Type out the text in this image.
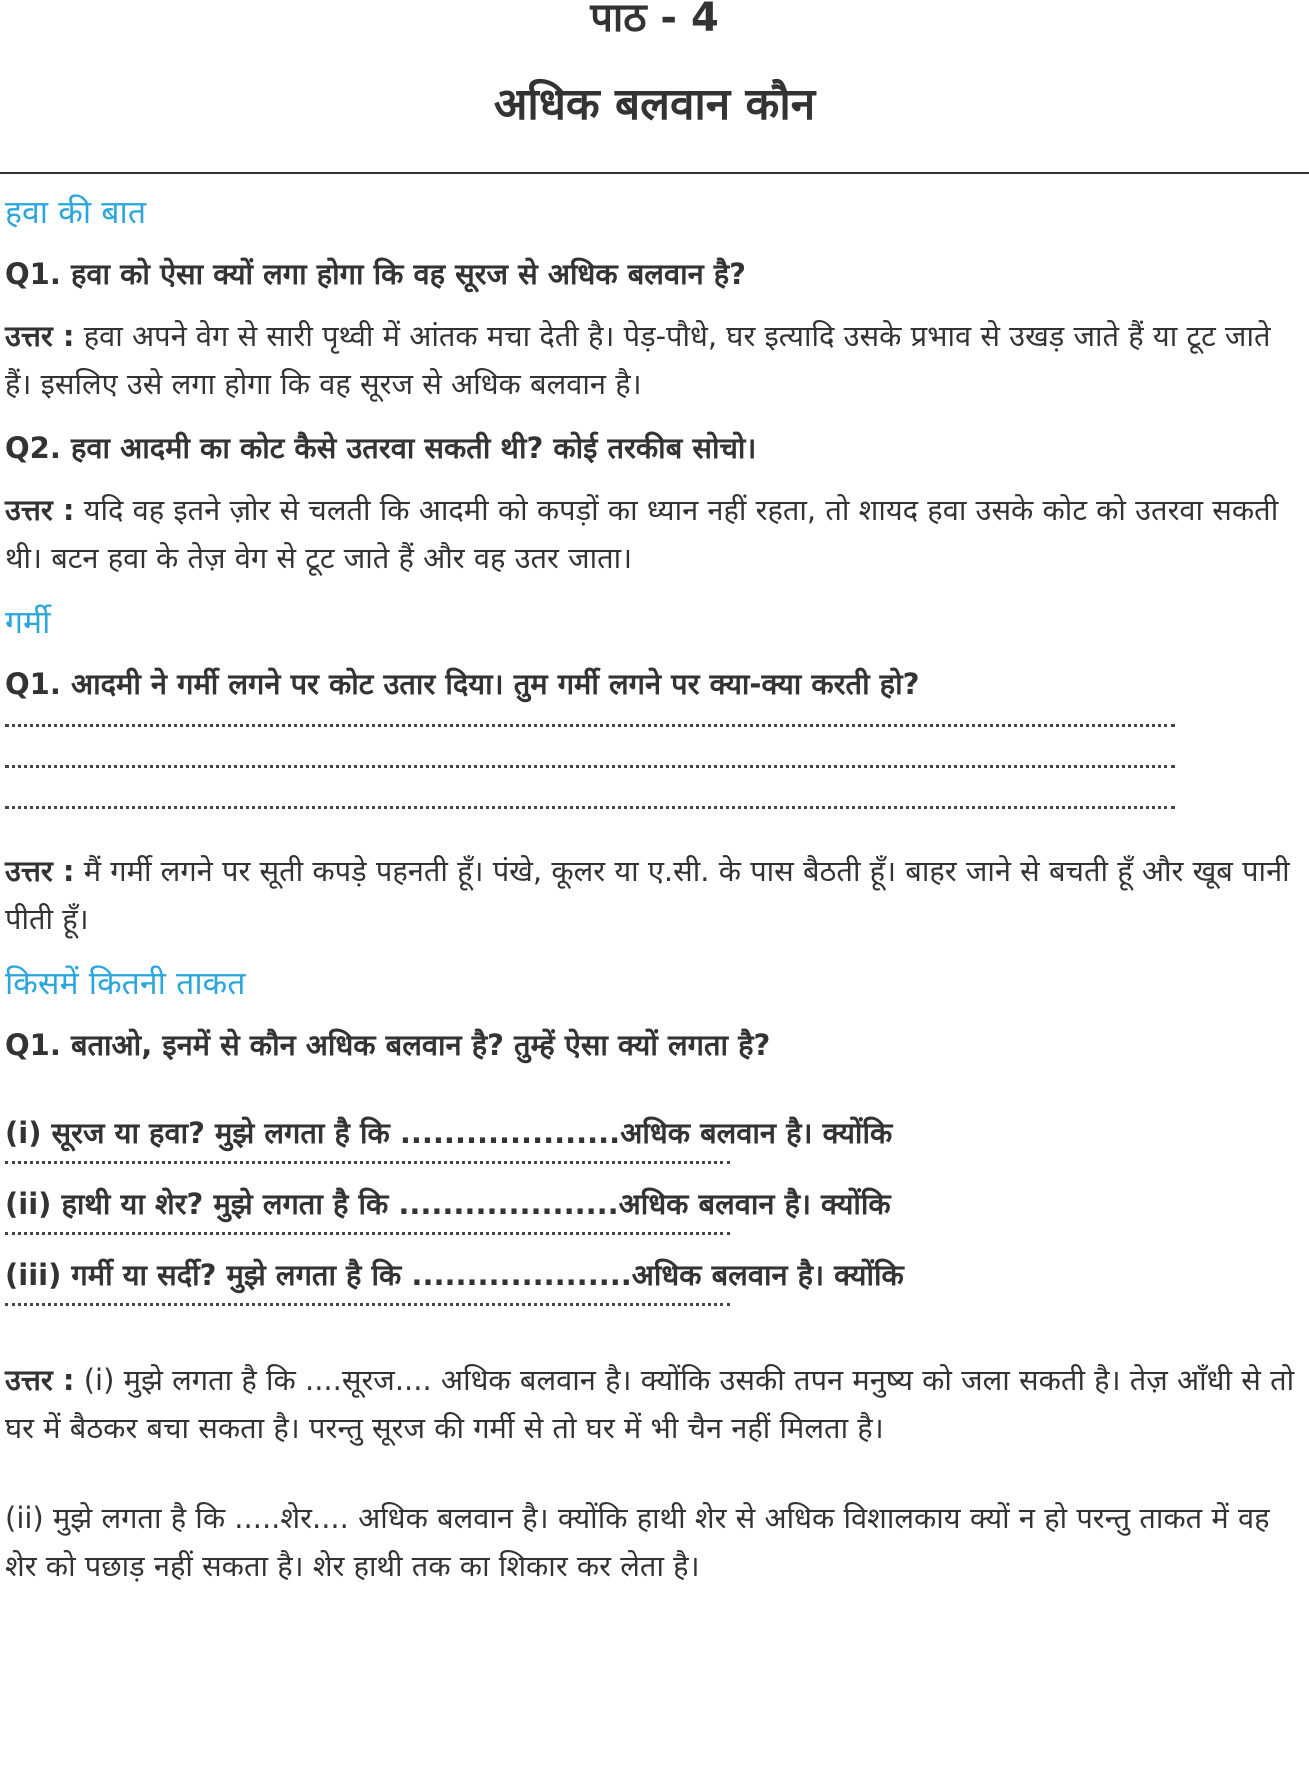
पाठ - 4
अधिक बलवान कौन
हवा की बात

Q1. हवा को ऐसा क्यों लगा होगा कि वह सूरज से अधिक बलवान है?

उत्तर : हवा अपने वेग से सारी पृथ्वी में आंतक मचा देती है। पेड़-पौधे, घर इत्यादि उसके प्रभाव से उखड़ जाते हैं या टूट जाते हैं। इसलिए उसे लगा होगा कि वह सूरज से अधिक बलवान है।

Q2. हवा आदमी का कोट कैसे उतरवा सकती थी? कोई तरकीब सोचो।

उत्तर : यदि वह इतने ज़ोर से चलती कि आदमी को कपड़ों का ध्यान नहीं रहता, तो शायद हवा उसके कोट को उतरवा सकती थी। बटन हवा के तेज़ वेग से टूट जाते हैं और वह उतर जाता।

गर्मी

Q1. आदमी ने गर्मी लगने पर कोट उतार दिया। तुम गर्मी लगने पर क्या-क्या करती हो?

उत्तर : मैं गर्मी लगने पर सूती कपड़े पहनती हूँ। पंखे, कूलर या ए.सी. के पास बैठती हूँ। बाहर जाने से बचती हूँ और खूब पानी पीती हूँ।

किसमें कितनी ताकत

Q1. बताओ, इनमें से कौन अधिक बलवान है? तुम्हें ऐसा क्यों लगता है?

(i) सूरज या हवा? मुझे लगता है कि ....................अधिक बलवान है। क्योंकि

(ii) हाथी या शेर? मुझे लगता है कि ....................अधिक बलवान है। क्योंकि

(iii) गर्मी या सर्दी? मुझे लगता है कि ....................अधिक बलवान है। क्योंकि

उत्तर : (i) मुझे लगता है कि ....सूरज.... अधिक बलवान है। क्योंकि उसकी तपन मनुष्य को जला सकती है। तेज़ आँधी से तो घर में बैठकर बचा सकता है। परन्तु सूरज की गर्मी से तो घर में भी चैन नहीं मिलता है।

(ii) मुझे लगता है कि .....शेर.... अधिक बलवान है। क्योंकि हाथी शेर से अधिक विशालकाय क्यों न हो परन्तु ताकत में वह शेर को पछाड़ नहीं सकता है। शेर हाथी तक का शिकार कर लेता है।
